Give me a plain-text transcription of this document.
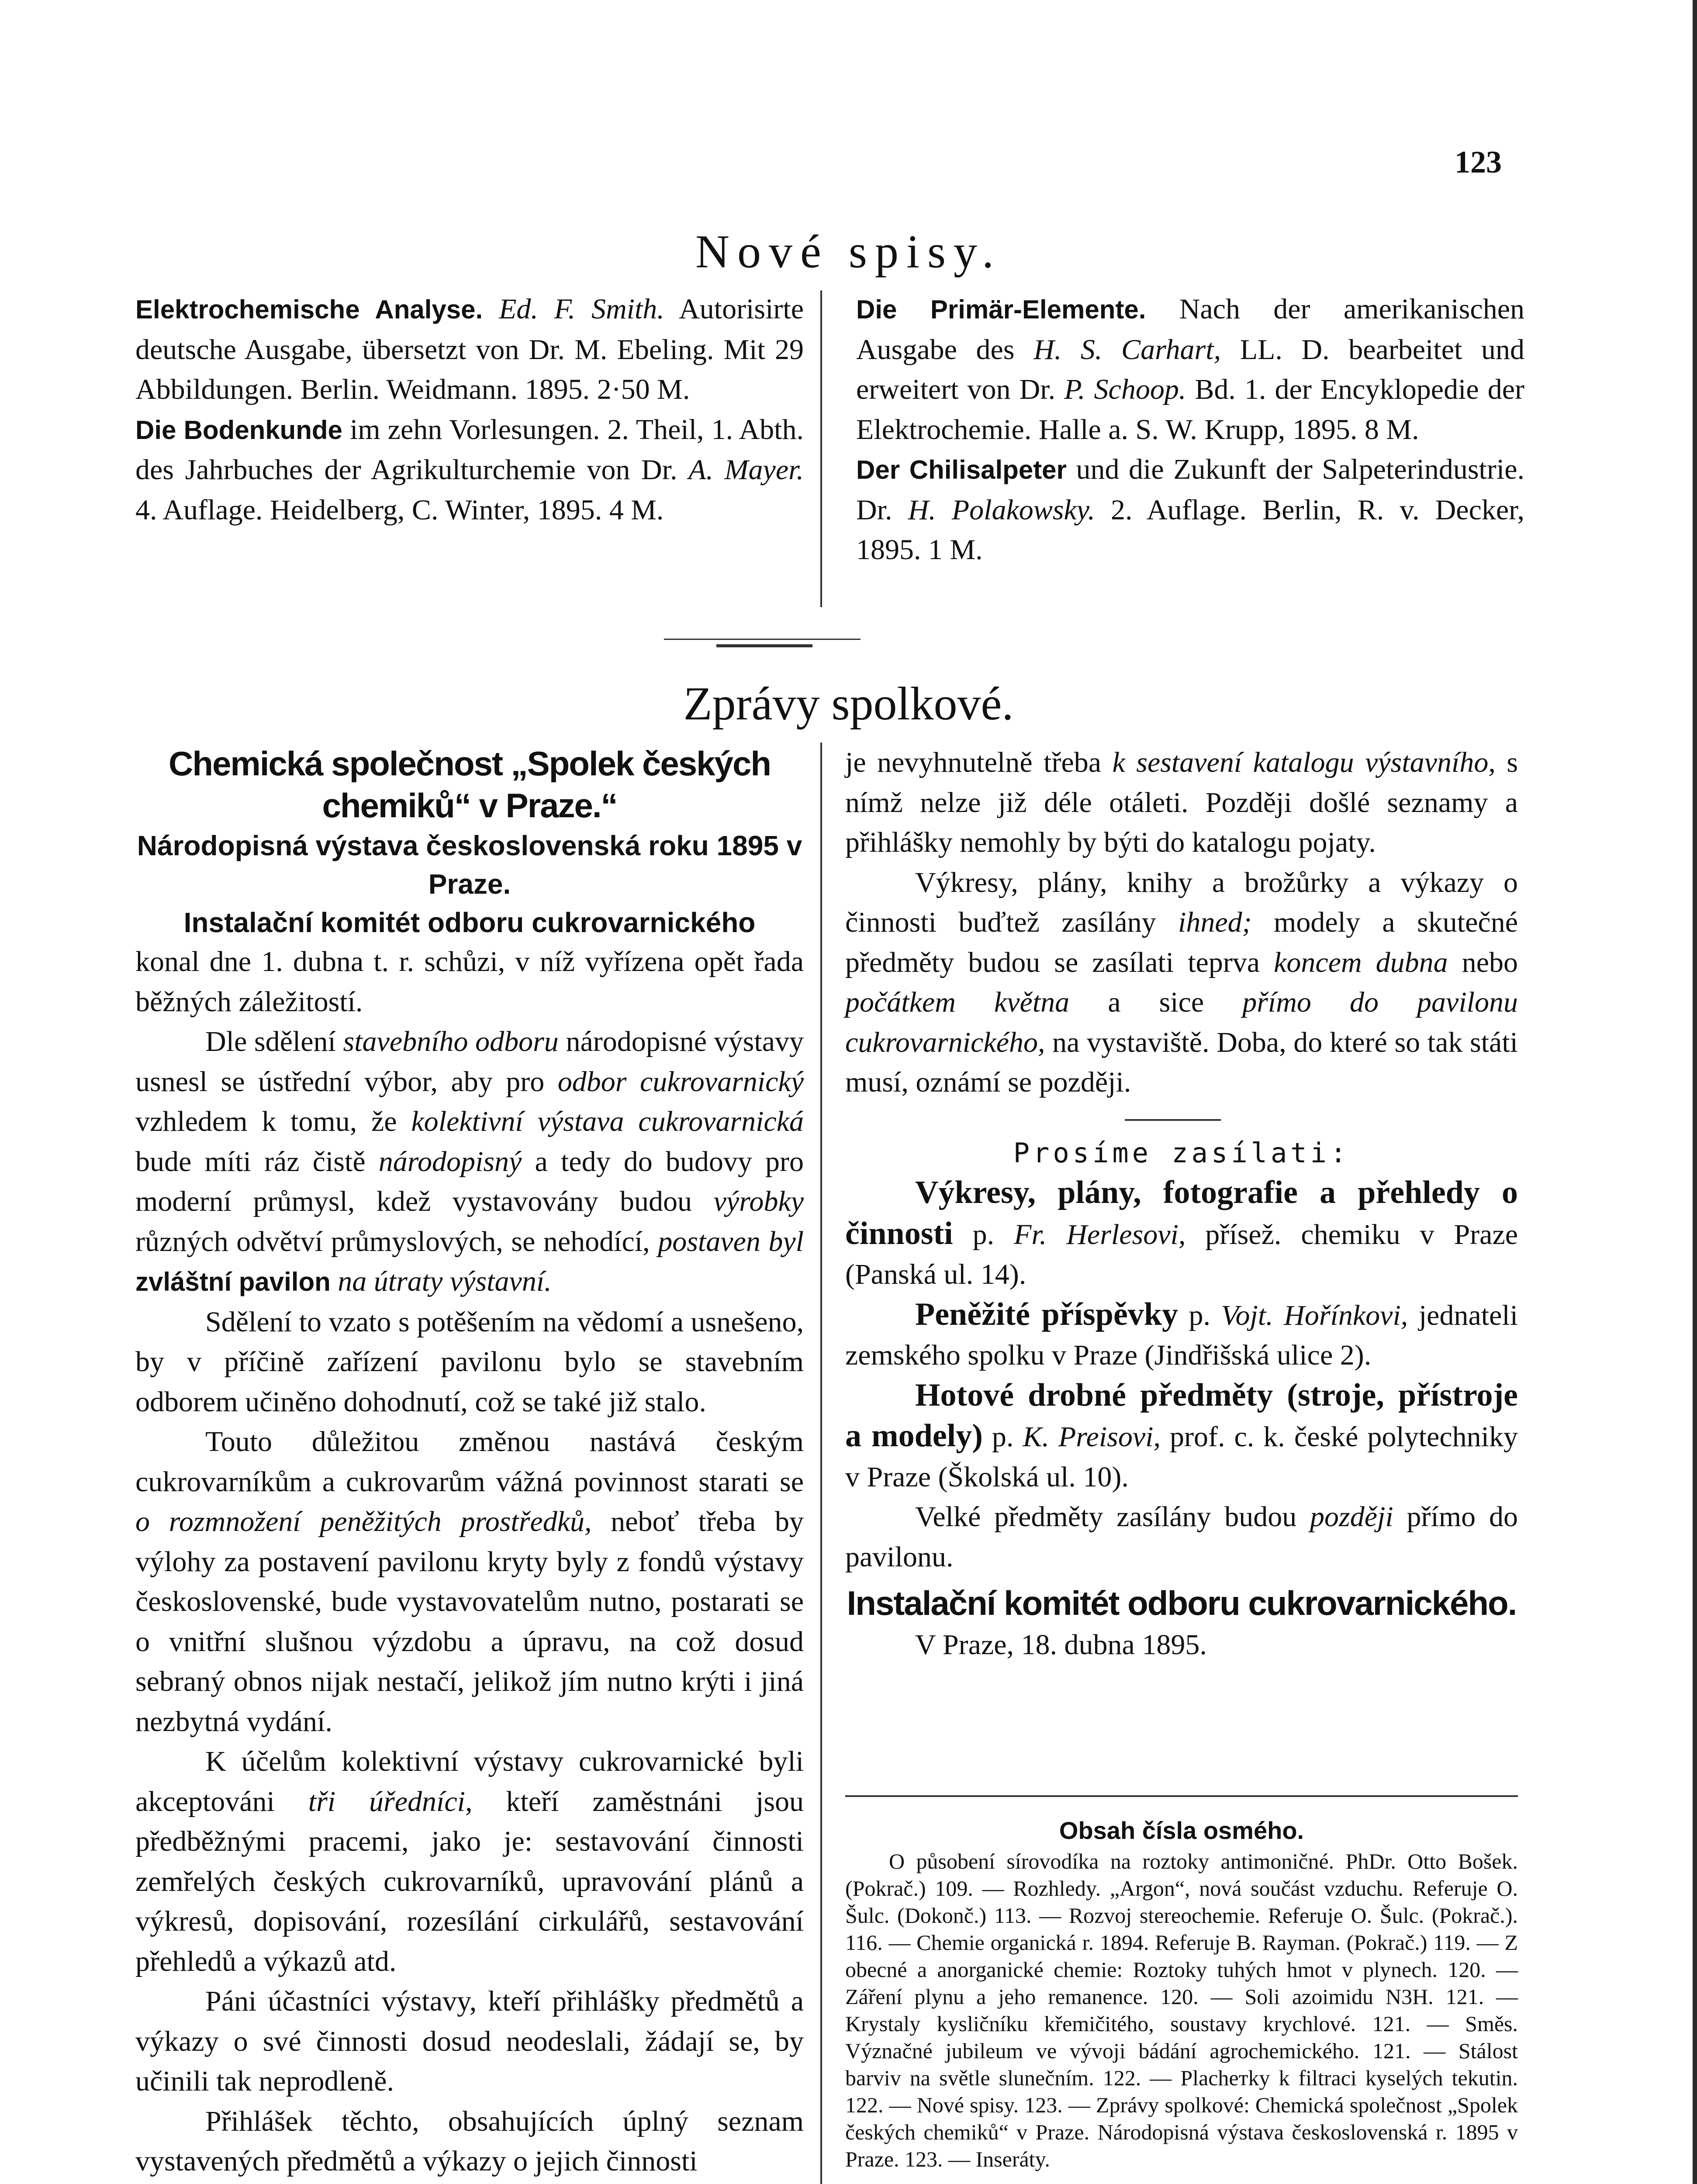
123
Nové spisy.

Elektrochemische Analyse. Ed. F. Smith. Autorisirte deutsche Ausgabe, übersetzt von Dr. M. Ebeling. Mit 29 Abbildungen. Berlin. Weidmann. 1895. 2·50 M.

Die Bodenkunde im zehn Vorlesungen. 2. Theil, 1. Abth. des Jahrbuches der Agrikulturchemie von Dr. A. Mayer. 4. Auflage. Heidelberg, C. Winter, 1895. 4 M.

Die Primär-Elemente. Nach der amerikanischen Ausgabe des H. S. Carhart, LL. D. bearbeitet und erweitert von Dr. P. Schoop. Bd. 1. der Encyklopedie der Elektrochemie. Halle a. S. W. Krupp, 1895. 8 M.

Der Chilisalpeter und die Zukunft der Salpeterindustrie. Dr. H. Polakowsky. 2. Auflage. Berlin, R. v. Decker, 1895. 1 M.

Zprávy spolkové.

Chemická společnost „Spolek českých chemiků“ v Praze.“

Národopisná výstava československá roku 1895 v Praze.

Instalační komitét odboru cukrovarnického

konal dne 1. dubna t. r. schůzi, v níž vyřízena opět řada běžných záležitostí.

Dle sdělení stavebního odboru národopisné výstavy usnesl se ústřední výbor, aby pro odbor cukrovarnický vzhledem k tomu, že kolektivní výstava cukrovarnická bude míti ráz čistě národopisný a tedy do budovy pro moderní průmysl, kdež vystavovány budou výrobky různých odvětví průmyslových, se nehodící, postaven byl zvláštní pavilon na útraty výstavní.

Sdělení to vzato s potěšením na vědomí a usnešeno, by v příčině zařízení pavilonu bylo se stavebním odborem učiněno dohodnutí, což se také již stalo.

Touto důležitou změnou nastává českým cukrovarníkům a cukrovarům vážná povinnost starati se o rozmnožení peněžitých prostředků, neboť třeba by výlohy za postavení pavilonu kryty byly z fondů výstavy československé, bude vystavovatelům nutno, postarati se o vnitřní slušnou výzdobu a úpravu, na což dosud sebraný obnos nijak nestačí, jelikož jím nutno krýti i jiná nezbytná vydání.

K účelům kolektivní výstavy cukrovarnické byli akceptováni tři úředníci, kteří zaměstnáni jsou předběžnými pracemi, jako je: sestavování činnosti zemřelých českých cukrovarníků, upravování plánů a výkresů, dopisování, rozesílání cirkulářů, sestavování přehledů a výkazů atd.

Páni účastníci výstavy, kteří přihlášky předmětů a výkazy o své činnosti dosud neodeslali, žádají se, by učinili tak neprodleně.

Přihlášek těchto, obsahujících úplný seznam vystavených předmětů a výkazy o jejich činnosti

je nevyhnutelně třeba k sestavení katalogu výstavního, s nímž nelze již déle otáleti. Později došlé seznamy a přihlášky nemohly by býti do katalogu pojaty.

Výkresy, plány, knihy a brožůrky a výkazy o činnosti buďtež zasílány ihned; modely a skutečné předměty budou se zasílati teprva koncem dubna nebo počátkem května a sice přímo do pavilonu cukrovarnického, na vystaviště. Doba, do které so tak státi musí, oznámí se později.

Prosíme zasílati:

Výkresy, plány, fotografie a přehledy o činnosti p. Fr. Herlesovi, přísež. chemiku v Praze (Panská ul. 14).

Peněžité příspěvky p. Vojt. Hořínkovi, jednateli zemského spolku v Praze (Jindřišská ulice 2).

Hotové drobné předměty (stroje, přístroje a modely) p. K. Preisovi, prof. c. k. české polytechniky v Praze (Školská ul. 10).

Velké předměty zasílány budou později přímo do pavilonu.

Instalační komitét odboru cukrovarnického.

V Praze, 18. dubna 1895.

Obsah čísla osmého.
O působení sírovodíka na roztoky antimoničné. PhDr. Otto Bošek. (Pokrač.) 109. — Rozhledy. „Argon“, nová součást vzduchu. Referuje O. Šulc. (Dokonč.) 113. — Rozvoj stereochemie. Referuje O. Šulc. (Pokrač.). 116. — Chemie organická r. 1894. Referuje B. Rayman. (Pokrač.) 119. — Z obecné a anorganické chemie: Roztoky tuhých hmot v plynech. 120. — Záření plynu a jeho remanence. 120. — Soli azoimidu N3H. 121. — Krystaly kysličníku křemičitého, soustavy krychlové. 121. — Směs. Význačné jubileum ve vývoji bádání agrochemického. 121. — Stálost barviv na světle slunečním. 122. — Placheтky k filtraci kyselých tekutin. 122. — Nové spisy. 123. — Zprávy spolkové: Chemická společnost „Spolek českých chemiků“ v Praze. Národopisná výstava československá r. 1895 v Praze. 123. — Inseráty.
